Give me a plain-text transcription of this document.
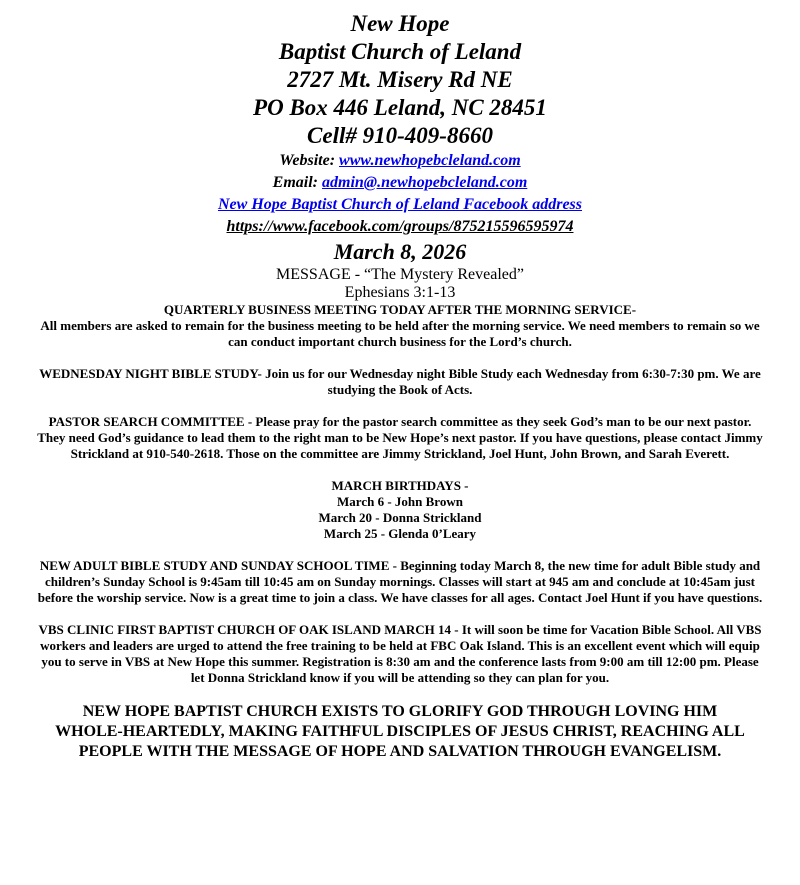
New Hope

Baptist Church of Leland

2727 Mt. Misery Rd NE

PO Box 446 Leland, NC 28451

Cell# 910-409-8660

Website: www.newhopebcleland.com

Email: admin@.newhopebcleland.com

New Hope Baptist Church of Leland Facebook address

https://www.facebook.com/groups/875215596595974

March 8, 2026

MESSAGE - “The Mystery Revealed”

Ephesians 3:1-13

QUARTERLY BUSINESS MEETING TODAY AFTER THE MORNING SERVICE-

All members are asked to remain for the business meeting to be held after the morning service. We need members to remain so we can conduct important church business for the Lord’s church.

WEDNESDAY NIGHT BIBLE STUDY- Join us for our Wednesday night Bible Study each Wednesday from 6:30-7:30 pm. We are studying the Book of Acts.

PASTOR SEARCH COMMITTEE - Please pray for the pastor search committee as they seek God’s man to be our next pastor. They need God’s guidance to lead them to the right man to be New Hope’s next pastor. If you have questions, please contact Jimmy Strickland at 910-540-2618. Those on the committee are Jimmy Strickland, Joel Hunt, John Brown, and Sarah Everett.

MARCH BIRTHDAYS -

March 6 - John Brown

March 20 - Donna Strickland

March 25 - Glenda 0’Leary

NEW ADULT BIBLE STUDY AND SUNDAY SCHOOL TIME - Beginning today March 8, the new time for adult Bible study and children’s Sunday School is 9:45am till 10:45 am on Sunday mornings. Classes will start at 945 am and conclude at 10:45am just before the worship service. Now is a great time to join a class. We have classes for all ages. Contact Joel Hunt if you have questions.

VBS CLINIC FIRST BAPTIST CHURCH OF OAK ISLAND MARCH 14 - It will soon be time for Vacation Bible School. All VBS workers and leaders are urged to attend the free training to be held at FBC Oak Island. This is an excellent event which will equip you to serve in VBS at New Hope this summer. Registration is 8:30 am and the conference lasts from 9:00 am till 12:00 pm. Please let Donna Strickland know if you will be attending so they can plan for you.

NEW HOPE BAPTIST CHURCH EXISTS TO GLORIFY GOD THROUGH LOVING HIM WHOLE-HEARTEDLY, MAKING FAITHFUL DISCIPLES OF JESUS CHRIST, REACHING ALL PEOPLE WITH THE MESSAGE OF HOPE AND SALVATION THROUGH EVANGELISM.
